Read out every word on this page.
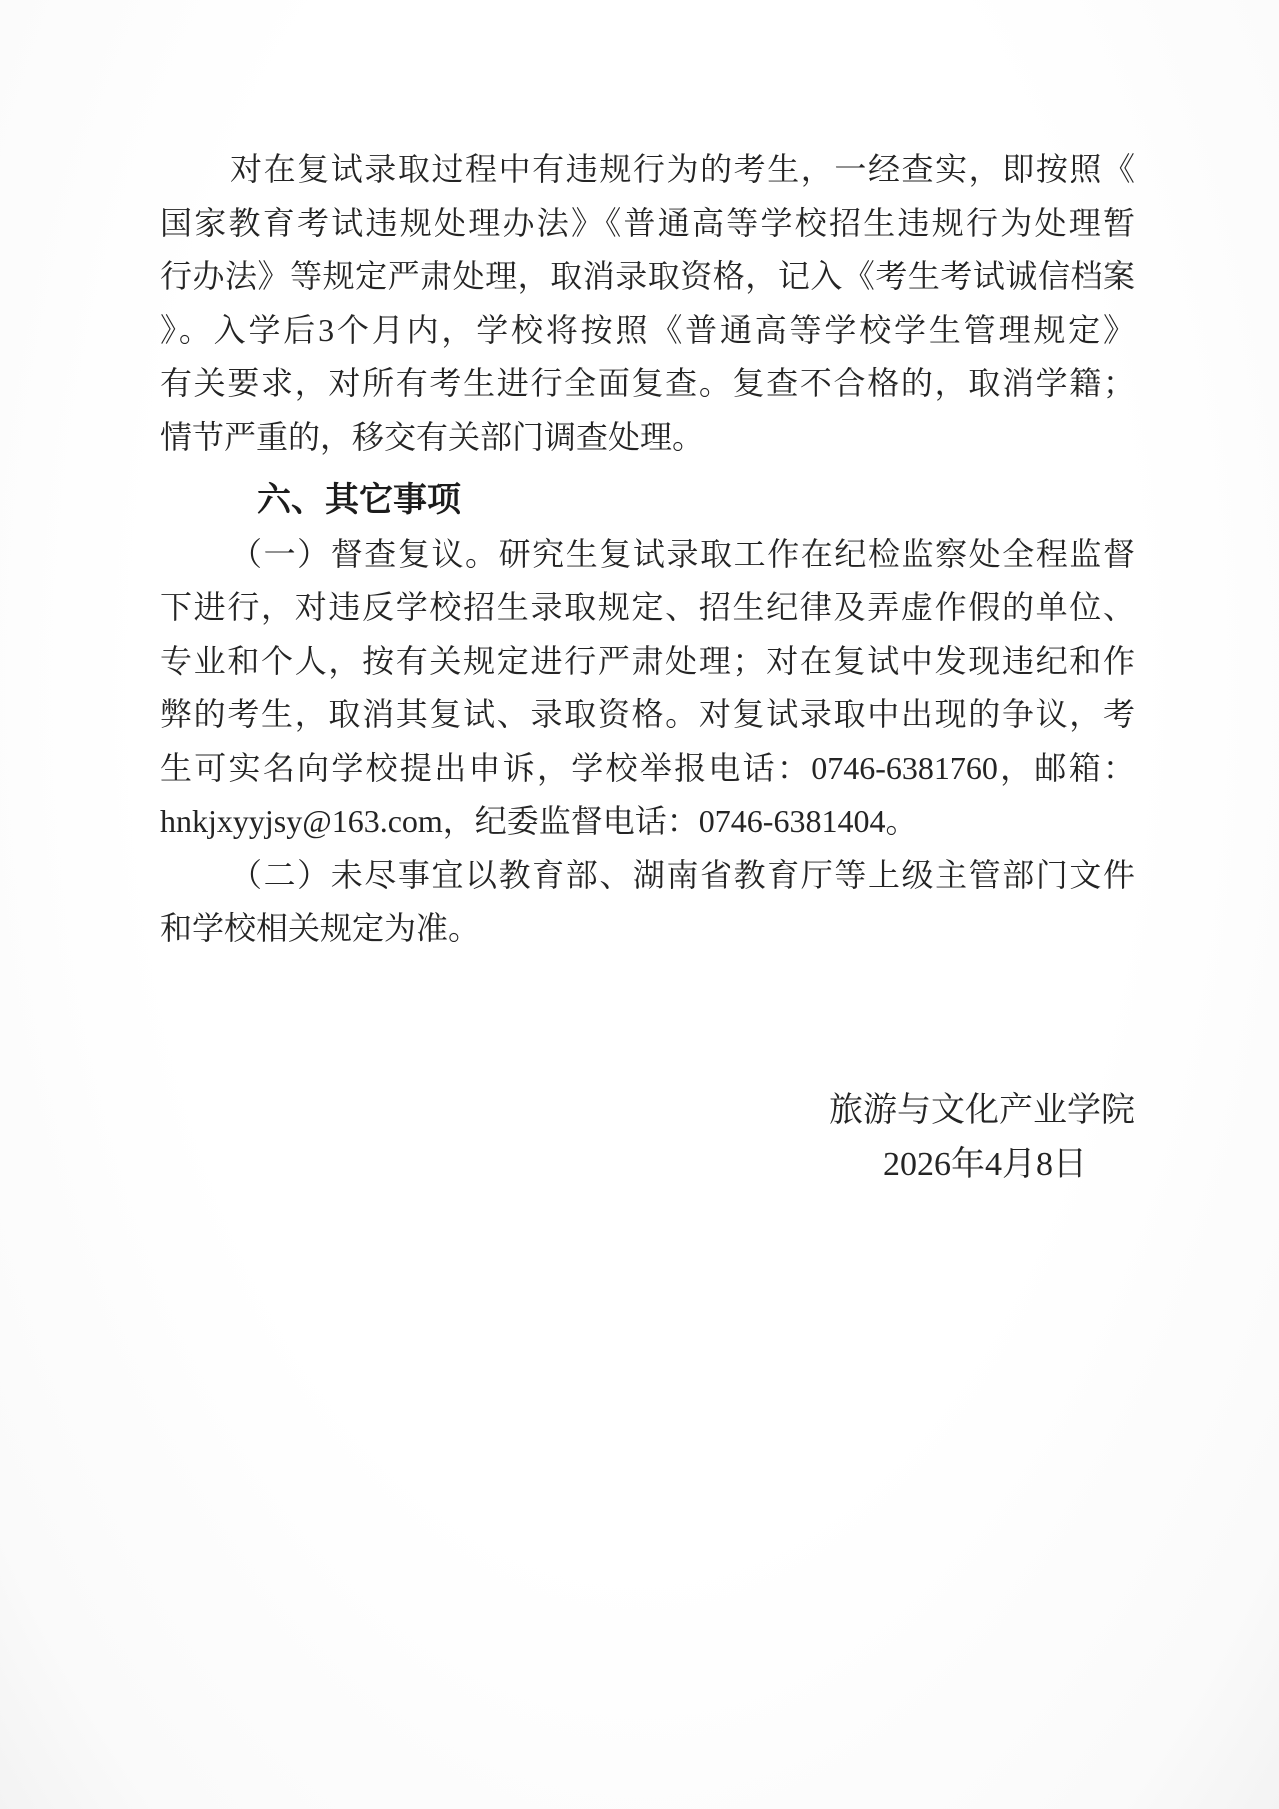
对在复试录取过程中有违规行为的考生，一经查实，即按照《
国家教育考试违规处理办法》《普通高等学校招生违规行为处理暂
行办法》等规定严肃处理，取消录取资格，记入《考生考试诚信档案
》。入学后3个月内，学校将按照《普通高等学校学生管理规定》
有关要求，对所有考生进行全面复查。复查不合格的，取消学籍；
情节严重的，移交有关部门调查处理。
六、其它事项
（一）督查复议。研究生复试录取工作在纪检监察处全程监督
下进行，对违反学校招生录取规定、招生纪律及弄虚作假的单位、
专业和个人，按有关规定进行严肃处理；对在复试中发现违纪和作
弊的考生，取消其复试、录取资格。对复试录取中出现的争议，考
生可实名向学校提出申诉，学校举报电话：0746-6381760，邮箱：
hnkjxyyjsy@163.com，纪委监督电话：0746-6381404。
（二）未尽事宜以教育部、湖南省教育厅等上级主管部门文件
和学校相关规定为准。
旅游与文化产业学院
2026年4月8日
